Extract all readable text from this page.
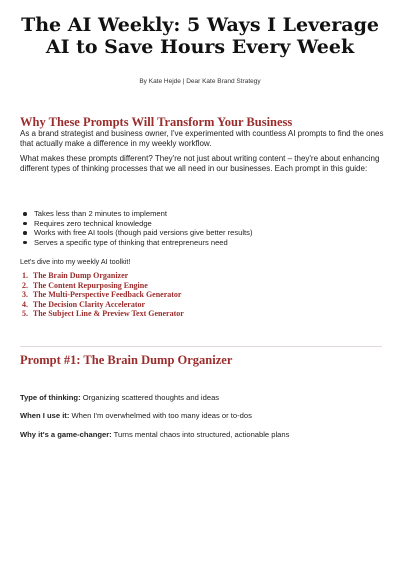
The AI Weekly: 5 Ways I Leverage
AI to Save Hours Every Week

By Kate Hejde | Dear Kate Brand Strategy

Why These Prompts Will Transform Your Business

As a brand strategist and business owner, I've experimented with countless AI prompts to find the ones that actually make a difference in my weekly workflow.

What makes these prompts different? They're not just about writing content – they're about enhancing different types of thinking processes that we all need in our businesses. Each prompt in this guide:

Takes less than 2 minutes to implement
Requires zero technical knowledge
Works with free AI tools (though paid versions give better results)
Serves a specific type of thinking that entrepreneurs need

Let's dive into my weekly AI toolkit!

1. The Brain Dump Organizer
2. The Content Repurposing Engine
3. The Multi-Perspective Feedback Generator
4. The Decision Clarity Accelerator
5. The Subject Line & Preview Text Generator
Prompt #1: The Brain Dump Organizer

Type of thinking: Organizing scattered thoughts and ideas

When I use it: When I'm overwhelmed with too many ideas or to-dos

Why it's a game-changer: Turns mental chaos into structured, actionable plans
